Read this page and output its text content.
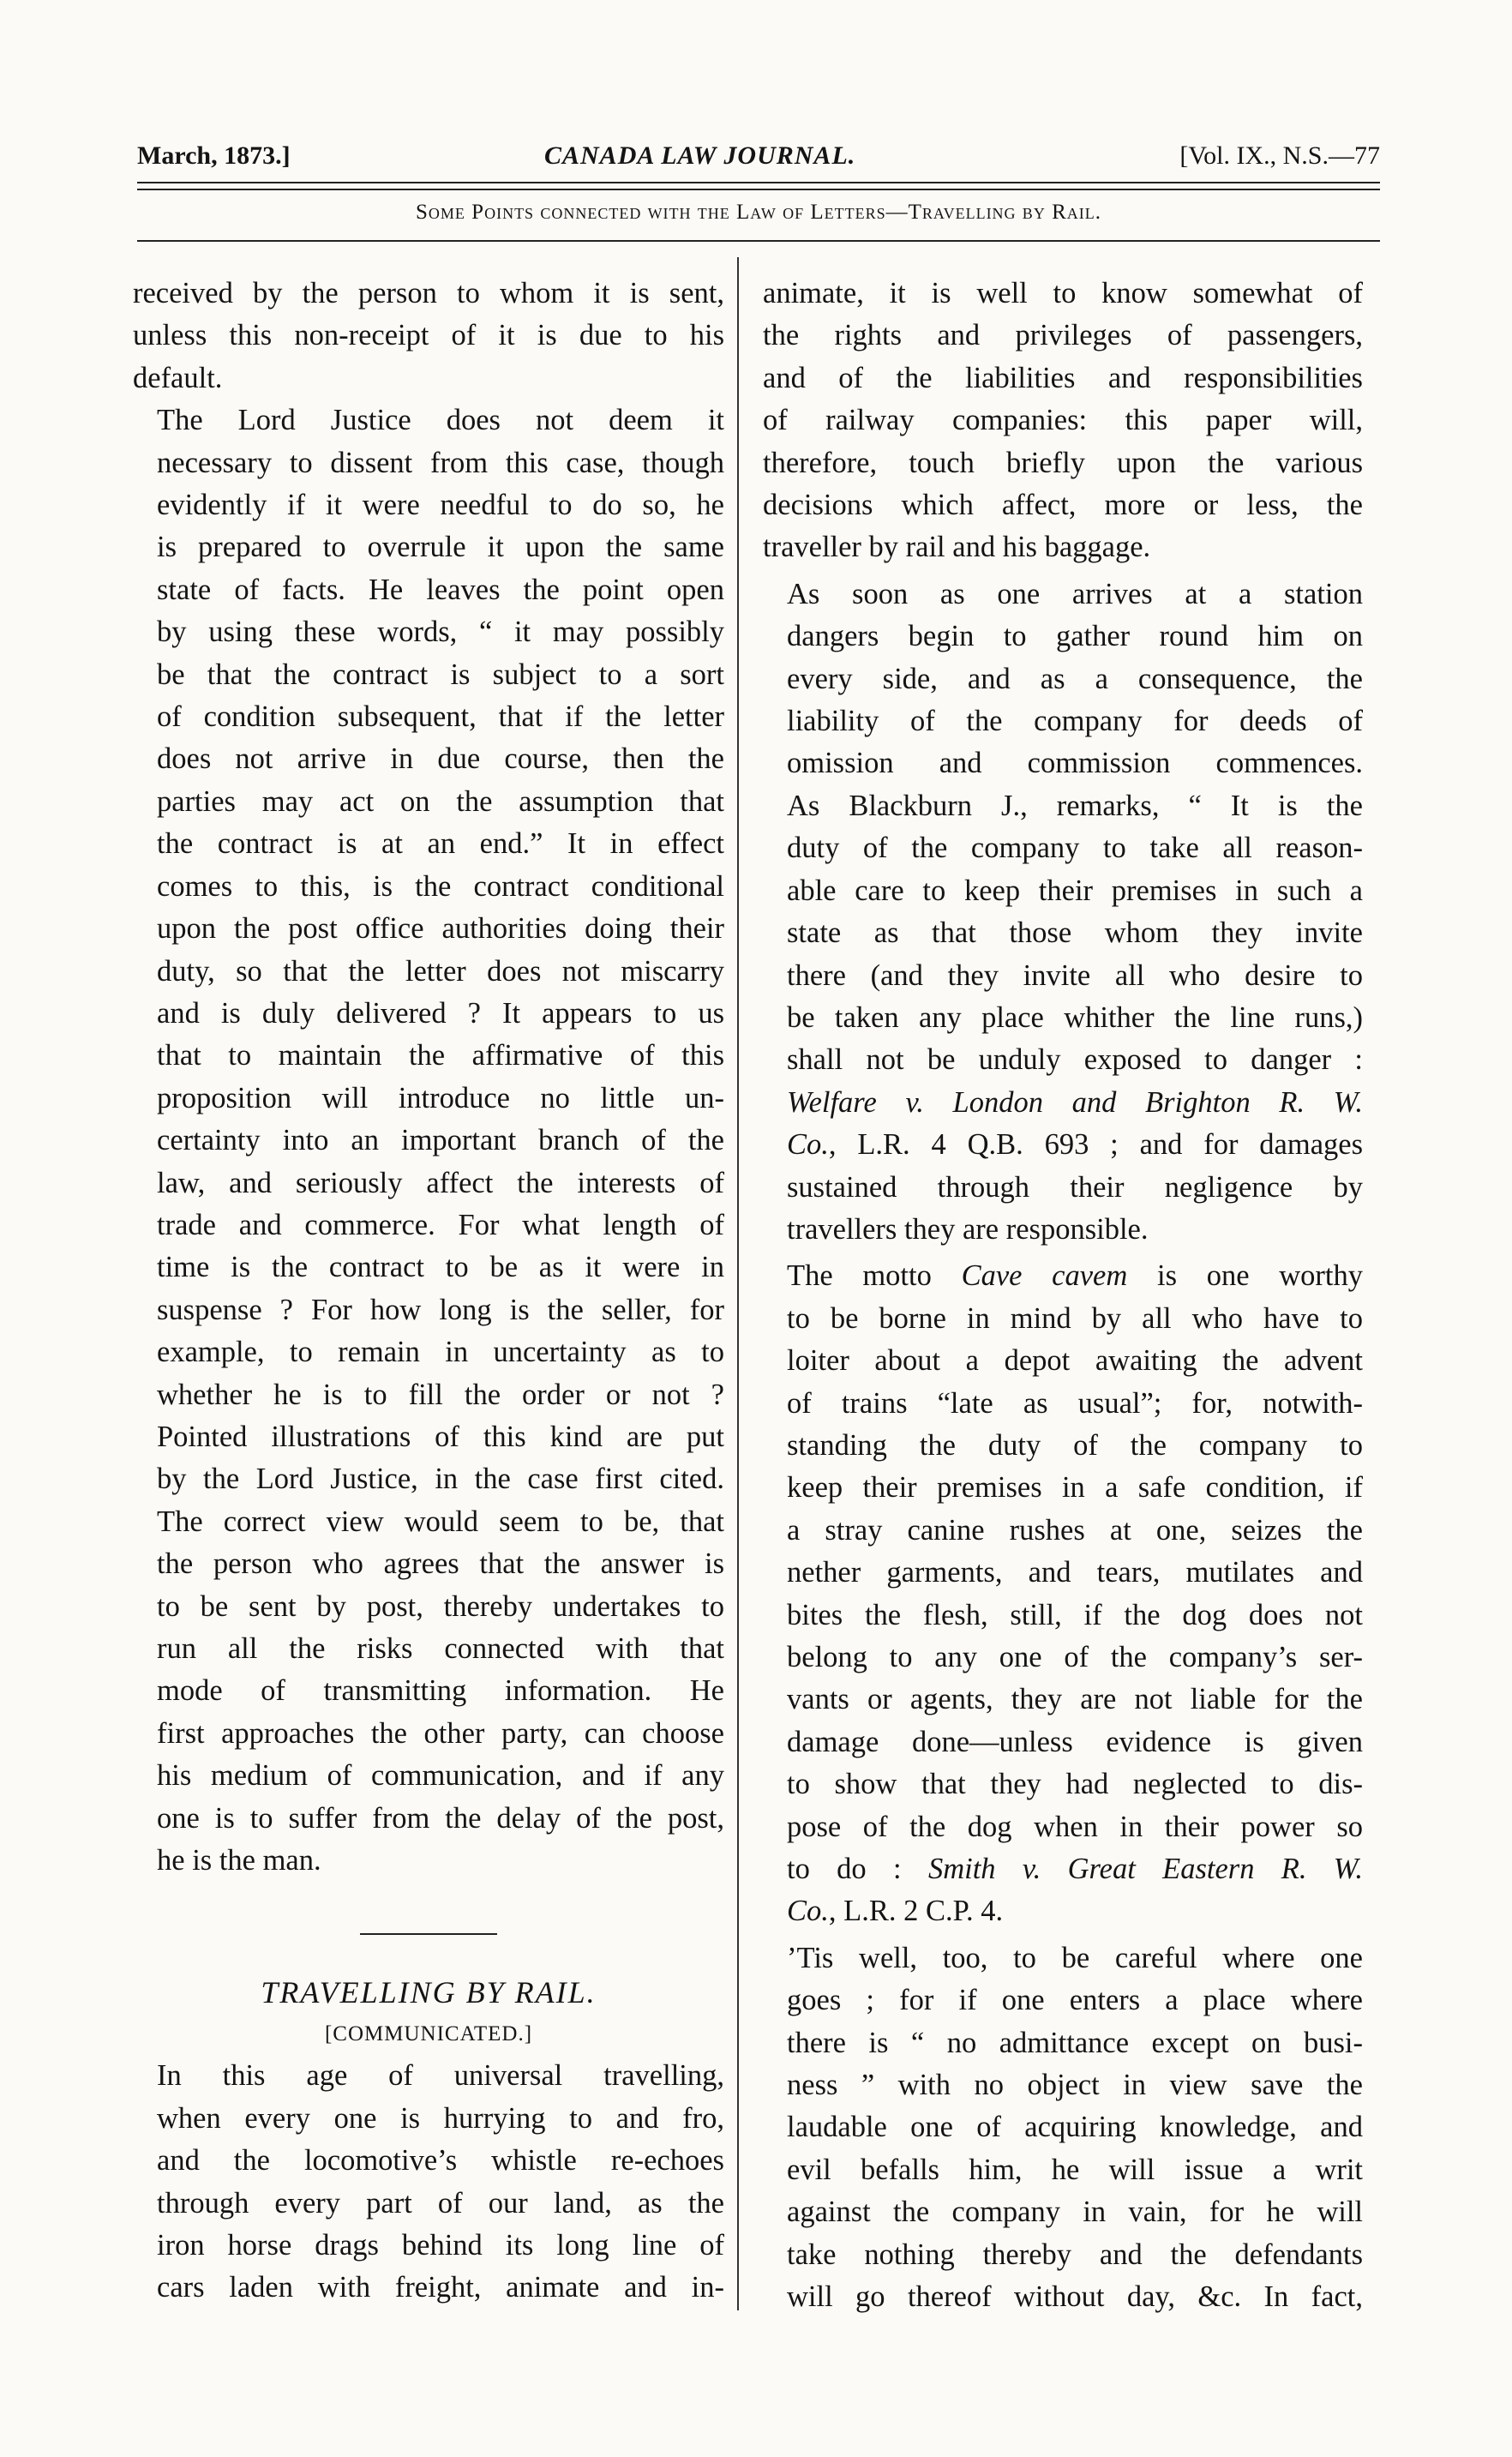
March, 1873.]	CANADA LAW JOURNAL.	[Vol. IX., N.S.—77
Some Points connected with the Law of Letters—Travelling by Rail.

received by the person to whom it is sent,
unless this non-receipt of it is due to his
default.

The Lord Justice does not deem it
necessary to dissent from this case, though
evidently if it were needful to do so, he
is prepared to overrule it upon the same
state of facts. He leaves the point open
by using these words, “ it may possibly
be that the contract is subject to a sort
of condition subsequent, that if the letter
does not arrive in due course, then the
parties may act on the assumption that
the contract is at an end.” It in effect
comes to this, is the contract conditional
upon the post office authorities doing their
duty, so that the letter does not miscarry
and is duly delivered ? It appears to us
that to maintain the affirmative of this
proposition will introduce no little un-
certainty into an important branch of the
law, and seriously affect the interests of
trade and commerce. For what length of
time is the contract to be as it were in
suspense ? For how long is the seller, for
example, to remain in uncertainty as to
whether he is to fill the order or not ?
Pointed illustrations of this kind are put
by the Lord Justice, in the case first cited.
The correct view would seem to be, that
the person who agrees that the answer is
to be sent by post, thereby undertakes to
run all the risks connected with that
mode of transmitting information. He
first approaches the other party, can choose
his medium of communication, and if any
one is to suffer from the delay of the post,
he is the man.

TRAVELLING BY RAIL.
[COMMUNICATED.]

In this age of universal travelling,
when every one is hurrying to and fro,
and the locomotive’s whistle re-echoes
through every part of our land, as the
iron horse drags behind its long line of
cars laden with freight, animate and in-

animate, it is well to know somewhat of
the rights and privileges of passengers,
and of the liabilities and responsibilities
of railway companies: this paper will,
therefore, touch briefly upon the various
decisions which affect, more or less, the
traveller by rail and his baggage.

As soon as one arrives at a station
dangers begin to gather round him on
every side, and as a consequence, the
liability of the company for deeds of
omission and commission commences.
As Blackburn J., remarks, “ It is the
duty of the company to take all reason-
able care to keep their premises in such a
state as that those whom they invite
there (and they invite all who desire to
be taken any place whither the line runs,)
shall not be unduly exposed to danger :
Welfare v. London and Brighton R. W.
Co., L.R. 4 Q.B. 693 ; and for damages
sustained through their negligence by
travellers they are responsible.

The motto Cave cavem is one worthy
to be borne in mind by all who have to
loiter about a depot awaiting the advent
of trains “late as usual”; for, notwith-
standing the duty of the company to
keep their premises in a safe condition, if
a stray canine rushes at one, seizes the
nether garments, and tears, mutilates and
bites the flesh, still, if the dog does not
belong to any one of the company’s ser-
vants or agents, they are not liable for the
damage done—unless evidence is given
to show that they had neglected to dis-
pose of the dog when in their power so
to do : Smith v. Great Eastern R. W.
Co., L.R. 2 C.P. 4.

’Tis well, too, to be careful where one
goes ; for if one enters a place where
there is “ no admittance except on busi-
ness ” with no object in view save the
laudable one of acquiring knowledge, and
evil befalls him, he will issue a writ
against the company in vain, for he will
take nothing thereby and the defendants
will go thereof without day, &c. In fact,
